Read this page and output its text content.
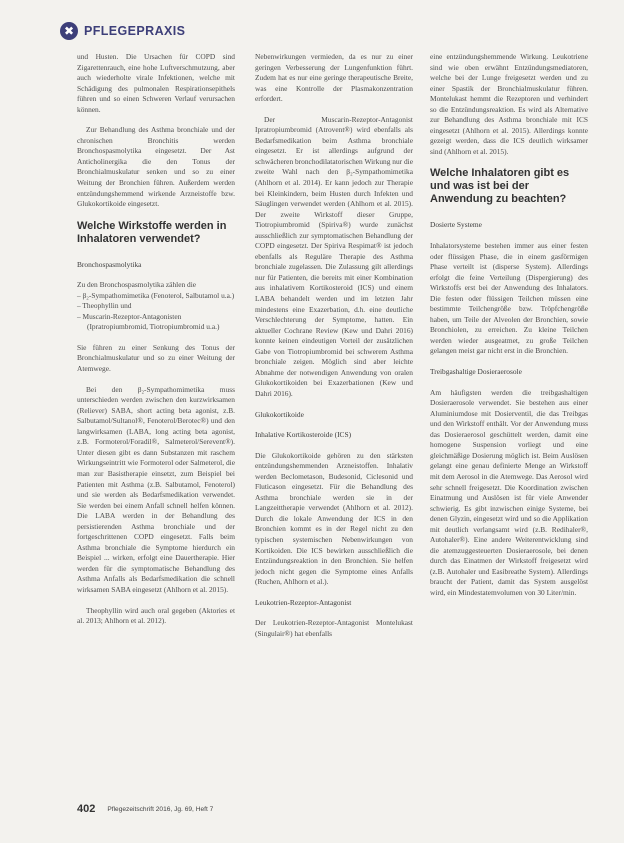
✖ PFLEGEPRAXIS

und Husten. Die Ursachen für COPD sind Zigarettenrauch, eine hohe Luftverschmutzung, aber auch wiederholte virale Infektionen, welche mit Schädigung des pulmonalen Respirationsepithels führen und so einen Schweren Verlauf verursachen können.

Zur Behandlung des Asthma bronchiale und der chronischen Bronchitis werden Bronchospasmolytika eingesetzt. Der Ast Anticholinergika die den Tonus der Bronchialmuskulatur senken und so zu einer Weitung der Bronchien führen. Außerdem werden entzündungshemmend wirkende Arzneistoffe bzw. Glukokortikoide eingesetzt.

Welche Wirkstoffe werden in Inhalatoren verwendet?

Bronchospasmolytika

Zu den Bronchospasmolytika zählen die

– β₂-Sympathomimetika (Fenoterol, Salbutamol u.a.)
– Theophyllin und
– Muscarin-Rezeptor-Antagonisten (Ipratropiumbromid, Tiotropiumbromid u.a.)

Sie führen zu einer Senkung des Tonus der Bronchialmuskulatur und so zu einer Weitung der Atemwege.

Bei den β₂-Sympathomimetika muss unterschieden werden zwischen den kurzwirksamen (Reliever) SABA, short acting beta agonist, z.B. Salbutamol/Sultanol®, Fenoterol/Berotec®) und den langwirksamen (LABA, long acting beta agonist, z.B. Formoterol/Foradil®, Salmeterol/Serevent®). Unter diesen gibt es dann Substanzen mit raschem Wirkungseintritt wie Formoterol oder Salmeterol, die man zur Basistherapie einsetzt, zum Beispiel bei Patienten mit Asthma (z.B. Salbutamol, Fenoterol) und sie werden als Bedarfsmedikation verwendet. Sie werden bei einem Anfall schnell helfen können. Die LABA werden in der Behandlung des persistierenden Asthma bronchiale und der fortgeschrittenen COPD eingesetzt. Falls beim Asthma bronchiale die Symptome hierdurch ein Beispiel ... wirken, erfolgt eine Dauertherapie. Hier werden für die symptomatische Behandlung des Asthma Anfalls als Bedarfsmedikation die schnell wirksamen SABA eingesetzt (Ahlhorn et al. 2015).

Theophyllin wird auch oral gegeben (Aktories et al. 2013; Ahlhorn et al. 2012).

Nebenwirkungen vermieden, da es nur zu einer geringen Verbesserung der Lungenfunktion führt. Zudem hat es nur eine geringe therapeutische Breite, was eine Kontrolle der Plasmakonzentration erfordert.

Der Muscarin-Rezeptor-Antagonist Ipratropiumbromid (Atrovent®) wird ebenfalls als Bedarfsmedikation beim Asthma bronchiale eingesetzt. Er ist allerdings aufgrund der schwächeren bronchodilatatorischen Wirkung nur die zweite Wahl nach den β₂-Sympathomimetika (Ahlhorn et al. 2014). Er kann jedoch zur Therapie bei Kleinkindern, beim Husten durch Infekten und Säuglingen verwendet werden (Ahlhorn et al. 2015). Der zweite Wirkstoff dieser Gruppe, Tiotropiumbromid (Spiriva®) wurde zunächst ausschließlich zur symptomatischen Behandlung der COPD eingesetzt. Der Spiriva Respimat® ist jedoch ebenfalls als Reguläre Therapie des Asthma bronchiale zugelassen. Die Zulassung gilt allerdings nur für Patienten, die bereits mit einer Kombination aus inhalativem Kortikosteroid (ICS) und einem LABA behandelt werden und im letzten Jahr mindestens eine Exazerbation, d.h. eine deutliche Verschlechterung der Symptome, hatten. Ein aktueller Cochrane Review (Kew und Dahri 2016) konnte keinen eindeutigen Vorteil der zusätzlichen Gabe von Tiotropiumbromid bei schwerem Asthma bronchiale zeigen. Möglich sind aber leichte Abnahme der notwendigen Anwendung von oralen Glukokortikoiden bei Exazerbationen (Kew und Dahri 2016).

Glukokortikoide

Inhalative Kortikosteroide (ICS)

Die Glukokortikoide gehören zu den stärksten entzündungshemmenden Arzneistoffen. Inhalativ werden Beclometason, Budesonid, Ciclesonid und Fluticason eingesetzt. Für die Behandlung des Asthma bronchiale werden sie in der Langzeittherapie verwendet (Ahlhorn et al. 2012). Durch die lokale Anwendung der ICS in den Bronchien kommt es in der Regel nicht zu den typischen systemischen Nebenwirkungen von Kortikoiden. Die ICS bewirken ausschließlich die Entzündungsreaktion in den Bronchien. Sie helfen jedoch nicht gegen die Symptome eines Anfalls (Ruchen, Ahlhorn et al.).

Leukotrien-Rezeptor-Antagonist

Der Leukotrien-Rezeptor-Antagonist Montelukast (Singulair®) hat ebenfalls

eine entzündungshemmende Wirkung. Leukotriene sind wie oben erwähnt Entzündungsmediatoren, welche bei der Lunge freigesetzt werden und zu einer Spastik der Bronchialmuskulatur führen. Montelukast hemmt die Rezeptoren und verhindert so die Entzündungsreaktion. Es wird als Alternative zur Behandlung des Asthma bronchiale mit ICS eingesetzt (Ahlhorn et al. 2015). Allerdings konnte gezeigt werden, dass die ICS deutlich wirksamer sind (Ahlhorn et al. 2015).

Welche Inhalatoren gibt es und was ist bei der Anwendung zu beachten?

Dosierte Systeme

Inhalatorsysteme bestehen immer aus einer festen oder flüssigen Phase, die in einem gasförmigen Phase verteilt ist (disperse System). Allerdings erfolgt die feine Verteilung (Dispergierung) des Wirkstoffs erst bei der Anwendung des Inhalators. Die festen oder flüssigen Teilchen müssen eine bestimmte Teilchengröße bzw. Tröpfchengröße haben, um Teile der Alveolen der Bronchien, sowie Bronchiolen, zu erreichen. Zu kleine Teilchen werden wieder ausgeatmet, zu große Teilchen gelangen meist gar nicht erst in die Bronchien.

Treibgashaltige Dosieraerosole

Am häufigsten werden die treibgashaltigen Dosieraerosole verwendet. Sie bestehen aus einer Aluminiumdose mit Dosierventil, die das Treibgas und den Wirkstoff enthält. Vor der Anwendung muss das Dosieraerosol geschüttelt werden, damit eine homogene Suspension vorliegt und eine gleichmäßige Dosierung möglich ist. Beim Auslösen gelangt eine genau definierte Menge an Wirkstoff mit dem Aerosol in die Atemwege. Das Aerosol wird sehr schnell freigesetzt. Die Koordination zwischen Einatmung und Auslösen ist für viele Anwender schwierig. Es gibt inzwischen einige Systeme, bei denen Glyzin, eingesetzt wird und so die Applikation mit deutlich verlangsamt wird (z.B. Redihaler®, Autohaler®). Eine andere Weiterentwicklung sind die atemzuggesteuerten Dosieraerosole, bei denen durch das Einatmen der Wirkstoff freigesetzt wird (z.B. Autohaler und Easibreathe System). Allerdings braucht der Patient, damit das System ausgelöst wird, ein Mindestatemvolumen von 30 Liter/min.

402 Pflegezeitschrift 2016, Jg. 69, Heft 7
